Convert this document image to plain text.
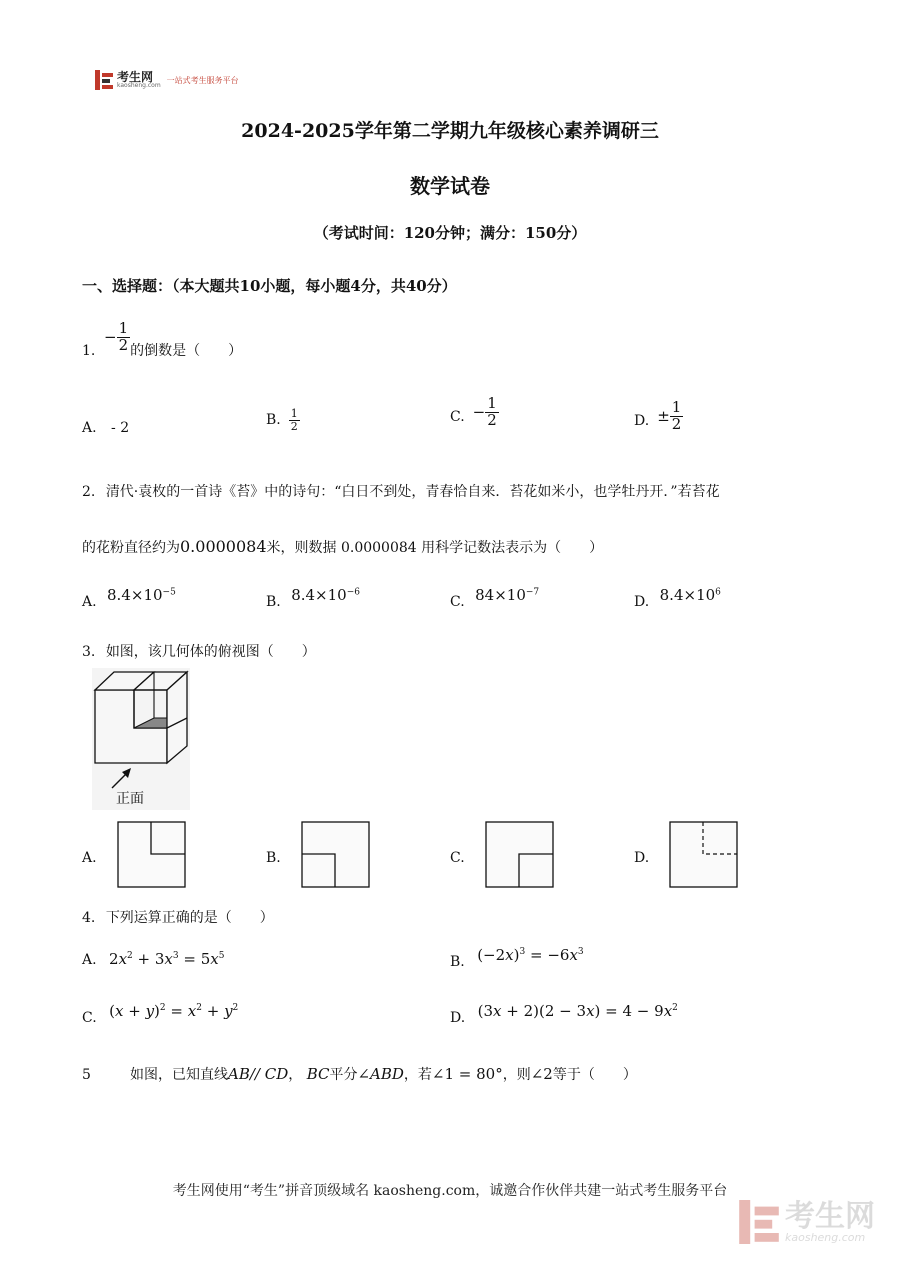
考生网
kaosheng.com
一站式考生服务平台
2024-2025学年第二学期九年级核心素养调研三
数学试卷
（考试时间：120分钟；满分：150分）
一、选择题：（本大题共10小题，每小题4分，共40分）
1.
− $\frac{1}{2}$ 的倒数是（　　）
A. - 2	B. $\frac{1}{2}$	C. − $\frac{1}{2}$	D. ± $\frac{1}{2}$
2. 清代·袁枚的一首诗《苔》中的诗句：“白日不到处，青春恰自来．苔花如米小，也学牡丹开．”若苔花
的花粉直径约为0.0000084米，则数据 0.0000084 用科学记数法表示为（　　）
A. $8.4\times 10^{-5}$
B. $8.4\times 10^{-6}$
C. $84\times 10^{-7}$
D. $8.4\times 10^6$
3. 如图，该几何体的俯视图（　　）
正面
A.	B.	C.	D.
4. 下列运算正确的是（　　）
A. $2x^2 + 3x^3 = 5x^5$	B. $(-2x)^3 = -6x^3$
C. $(x + y)^2 = x^2 + y^2$
D. $(3x + 2)(2 - 3x) = 4 - 9x^2$
5	如图，已知直线AB// CD， BC平分∠ABD，若∠1 = 80°，则∠2等于（　　）
考生网使用“考生”拼音顶级域名 kaosheng.com，诚邀合作伙伴共建一站式考生服务平台
考生网
kaosheng.com
